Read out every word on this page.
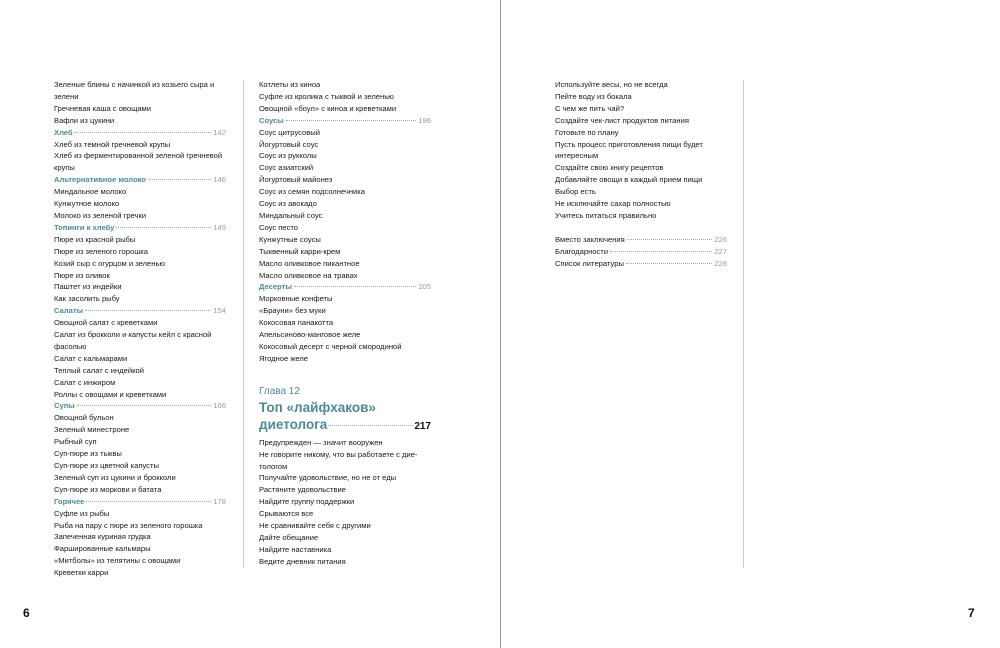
Зеленые блины с начинкой из козьего сыра и зелени
Гречневая каша с овощами
Вафли из цукини
Хлеб	142
Хлеб из темной гречневой крупы
Хлеб из ферментированной зеленой гречневой крупы
Альтернативное молоко	146
Миндальное молоко
Кунжутное молоко
Молоко из зеленой гречки
Топинги к хлебу	149
Пюре из красной рыбы
Пюре из зеленого горошка
Козий сыр с огурцом и зеленью
Пюре из оливок
Паштет из индейки
Как засолить рыбу
Салаты	154
Овощной салат с креветками
Салат из брокколи и капусты кейл с красной фасолью
Салат с кальмарами
Теплый салат с индейкой
Салат с инжиром
Роллы с овощами и креветками
Супы	166
Овощной бульон
Зеленый минестроне
Рыбный суп
Суп-пюре из тыквы
Суп-пюре из цветной капусты
Зеленый суп из цукини и брокколи
Суп-пюре из моркови и батата
Горячее	178
Суфле из рыбы
Рыба на пару с пюре из зеленого горошка
Запеченная куриная грудка
Фаршированные кальмары
«Митболы» из телятины с овощами
Креветки карри
Котлеты из киноа
Суфле из кролика с тыквой и зеленью
Овощной «боул» с киноа и креветками
Соусы	196
Соус цитрусовый
Йогуртовый соус
Соус из рукколы
Соус азиатский
Йогуртовый майонез
Соус из семян подсолнечника
Соус из авокадо
Миндальный соус
Соус песто
Кунжутные соусы
Тыквенный карри-крем
Масло оливковое пикантное
Масло оливковое на травах
Десерты	205
Морковные конфеты
«Брауни» без муки
Кокосовая панакотта
Апельсиново-манговое желе
Кокосовый десерт с черной смородиной
Ягодное желе
Глава 12
Топ «лайфхаков»
диетолога	217
Предупрежден — значит вооружен
Не говорите никому, что вы работаете с дие-тологом
Получайте удовольствие, но не от еды
Растяните удовольствие
Найдите группу поддержки
Срываются все
Не сравнивайте себя с другими
Дайте обещание
Найдите наставника
Ведите дневник питания
Используйте весы, но не всегда
Пейте воду из бокала
С чем же пить чай?
Создайте чек-лист продуктов питания
Готовьте по плану
Пусть процесс приготовления пищи будет интересным
Создайте свою книгу рецептов
Добавляйте овощи в каждый прием пищи
Выбор есть
Не исключайте сахар полностью
Учитесь питаться правильно
Вместо заключения	226
Благодарности	227
Список литературы	228
6	7
